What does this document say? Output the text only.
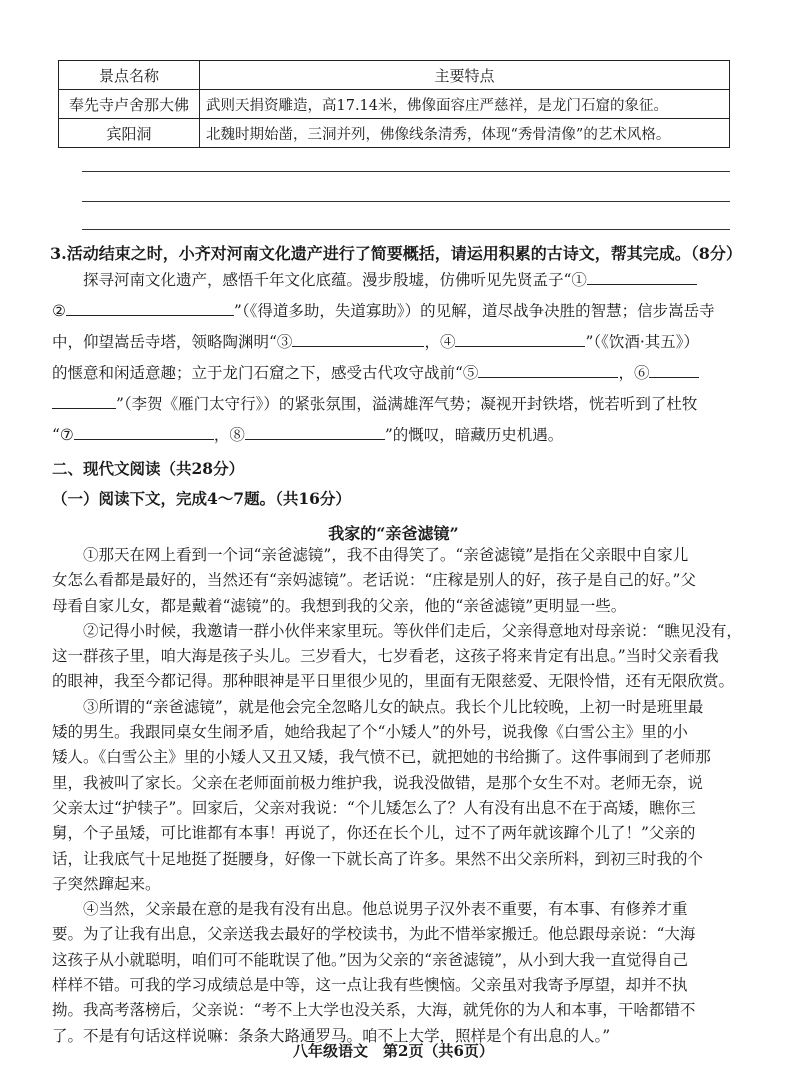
景点名称	主要特点
奉先寺卢舍那大佛	武则天捐资雕造，高17.14米，佛像面容庄严慈祥，是龙门石窟的象征。
宾阳洞	北魏时期始凿，三洞并列，佛像线条清秀，体现“秀骨清像”的艺术风格。
3.活动结束之时，小齐对河南文化遗产进行了简要概括，请运用积累的古诗文，帮其完成。（8分）
探寻河南文化遗产，感悟千年文化底蕴。漫步殷墟，仿佛听见先贤孟子“①
②	”（《得道多助，失道寡助》）的见解，道尽战争决胜的智慧；信步嵩岳寺
中，仰望嵩岳寺塔，领略陶渊明“③	，④	”（《饮酒·其五》）
的惬意和闲适意趣；立于龙门石窟之下，感受古代攻守战前“⑤	，⑥
”（李贺《雁门太守行》）的紧张氛围，溢满雄浑气势；凝视开封铁塔，恍若听到了杜牧
“⑦	，⑧	”的慨叹，暗藏历史机遇。
二、现代文阅读（共28分）
（一）阅读下文，完成4～7题。（共16分）
我家的“亲爸滤镜”
　　①那天在网上看到一个词“亲爸滤镜”，我不由得笑了。“亲爸滤镜”是指在父亲眼中自家儿
女怎么看都是最好的，当然还有“亲妈滤镜”。老话说：“庄稼是别人的好，孩子是自己的好。”父
母看自家儿女，都是戴着“滤镜”的。我想到我的父亲，他的“亲爸滤镜”更明显一些。
　　②记得小时候，我邀请一群小伙伴来家里玩。等伙伴们走后，父亲得意地对母亲说：“瞧见没有，
这一群孩子里，咱大海是孩子头儿。三岁看大，七岁看老，这孩子将来肯定有出息。”当时父亲看我
的眼神，我至今都记得。那种眼神是平日里很少见的，里面有无限慈爱、无限怜惜，还有无限欣赏。
　　③所谓的“亲爸滤镜”，就是他会完全忽略儿女的缺点。我长个儿比较晚，上初一时是班里最
矮的男生。我跟同桌女生闹矛盾，她给我起了个“小矮人”的外号，说我像《白雪公主》里的小
矮人。《白雪公主》里的小矮人又丑又矮，我气愤不已，就把她的书给撕了。这件事闹到了老师那
里，我被叫了家长。父亲在老师面前极力维护我，说我没做错，是那个女生不对。老师无奈，说
父亲太过“护犊子”。回家后，父亲对我说：“个儿矮怎么了？人有没有出息不在于高矮，瞧你三
舅，个子虽矮，可比谁都有本事！再说了，你还在长个儿，过不了两年就该蹿个儿了！”父亲的
话，让我底气十足地挺了挺腰身，好像一下就长高了许多。果然不出父亲所料，到初三时我的个
子突然蹿起来。
　　④当然，父亲最在意的是我有没有出息。他总说男子汉外表不重要，有本事、有修养才重
要。为了让我有出息，父亲送我去最好的学校读书，为此不惜举家搬迁。他总跟母亲说：“大海
这孩子从小就聪明，咱们可不能耽误了他。”因为父亲的“亲爸滤镜”，从小到大我一直觉得自己
样样不错。可我的学习成绩总是中等，这一点让我有些懊恼。父亲虽对我寄予厚望，却并不执
拗。我高考落榜后，父亲说：“考不上大学也没关系，大海，就凭你的为人和本事，干啥都错不
了。不是有句话这样说嘛：条条大路通罗马。咱不上大学，照样是个有出息的人。”
八年级语文　第2页（共6页）
